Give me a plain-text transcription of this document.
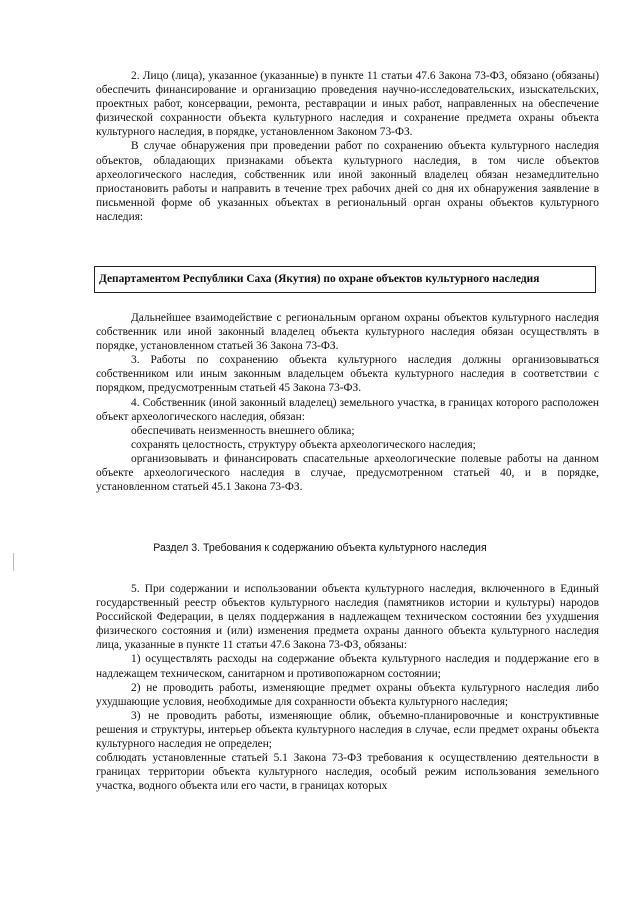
2. Лицо (лица), указанное (указанные) в пункте 11 статьи 47.6 Закона 73-ФЗ, обязано (обязаны) обеспечить финансирование и организацию проведения научно-исследовательских, изыскательских, проектных работ, консервации, ремонта, реставрации и иных работ, направленных на обеспечение физической сохранности объекта культурного наследия и сохранение предмета охраны объекта культурного наследия, в порядке, установленном Законом 73-ФЗ.

В случае обнаружения при проведении работ по сохранению объекта культурного наследия объектов, обладающих признаками объекта культурного наследия, в том числе объектов археологического наследия, собственник или иной законный владелец обязан незамедлительно приостановить работы и направить в течение трех рабочих дней со дня их обнаружения заявление в письменной форме об указанных объектах в региональный орган охраны объектов культурного наследия:

Департаментом Республики Саха (Якутия) по охране объектов культурного наследия

Дальнейшее взаимодействие с региональным органом охраны объектов культурного наследия собственник или иной законный владелец объекта культурного наследия обязан осуществлять в порядке, установленном статьей 36 Закона 73-ФЗ.

3. Работы по сохранению объекта культурного наследия должны организовываться собственником или иным законным владельцем объекта культурного наследия в соответствии с порядком, предусмотренным статьей 45 Закона 73-ФЗ.

4. Собственник (иной законный владелец) земельного участка, в границах которого расположен объект археологического наследия, обязан:

обеспечивать неизменность внешнего облика;

сохранять целостность, структуру объекта археологического наследия;

организовывать и финансировать спасательные археологические полевые работы на данном объекте археологического наследия в случае, предусмотренном статьей 40, и в порядке, установленном статьей 45.1 Закона 73-ФЗ.

Раздел 3. Требования к содержанию объекта культурного наследия

5. При содержании и использовании объекта культурного наследия, включенного в Единый государственный реестр объектов культурного наследия (памятников истории и культуры) народов Российской Федерации, в целях поддержания в надлежащем техническом состоянии без ухудшения физического состояния и (или) изменения предмета охраны данного объекта культурного наследия лица, указанные в пункте 11 статьи 47.6 Закона 73-ФЗ, обязаны:

1) осуществлять расходы на содержание объекта культурного наследия и поддержание его в надлежащем техническом, санитарном и противопожарном состоянии;

2) не проводить работы, изменяющие предмет охраны объекта культурного наследия либо ухудшающие условия, необходимые для сохранности объекта культурного наследия;

3) не проводить работы, изменяющие облик, объемно-планировочные и конструктивные решения и структуры, интерьер объекта культурного наследия в случае, если предмет охраны объекта культурного наследия не определен;

соблюдать установленные статьей 5.1 Закона 73-ФЗ требования к осуществлению деятельности в границах территории объекта культурного наследия, особый режим использования земельного участка, водного объекта или его части, в границах которых
